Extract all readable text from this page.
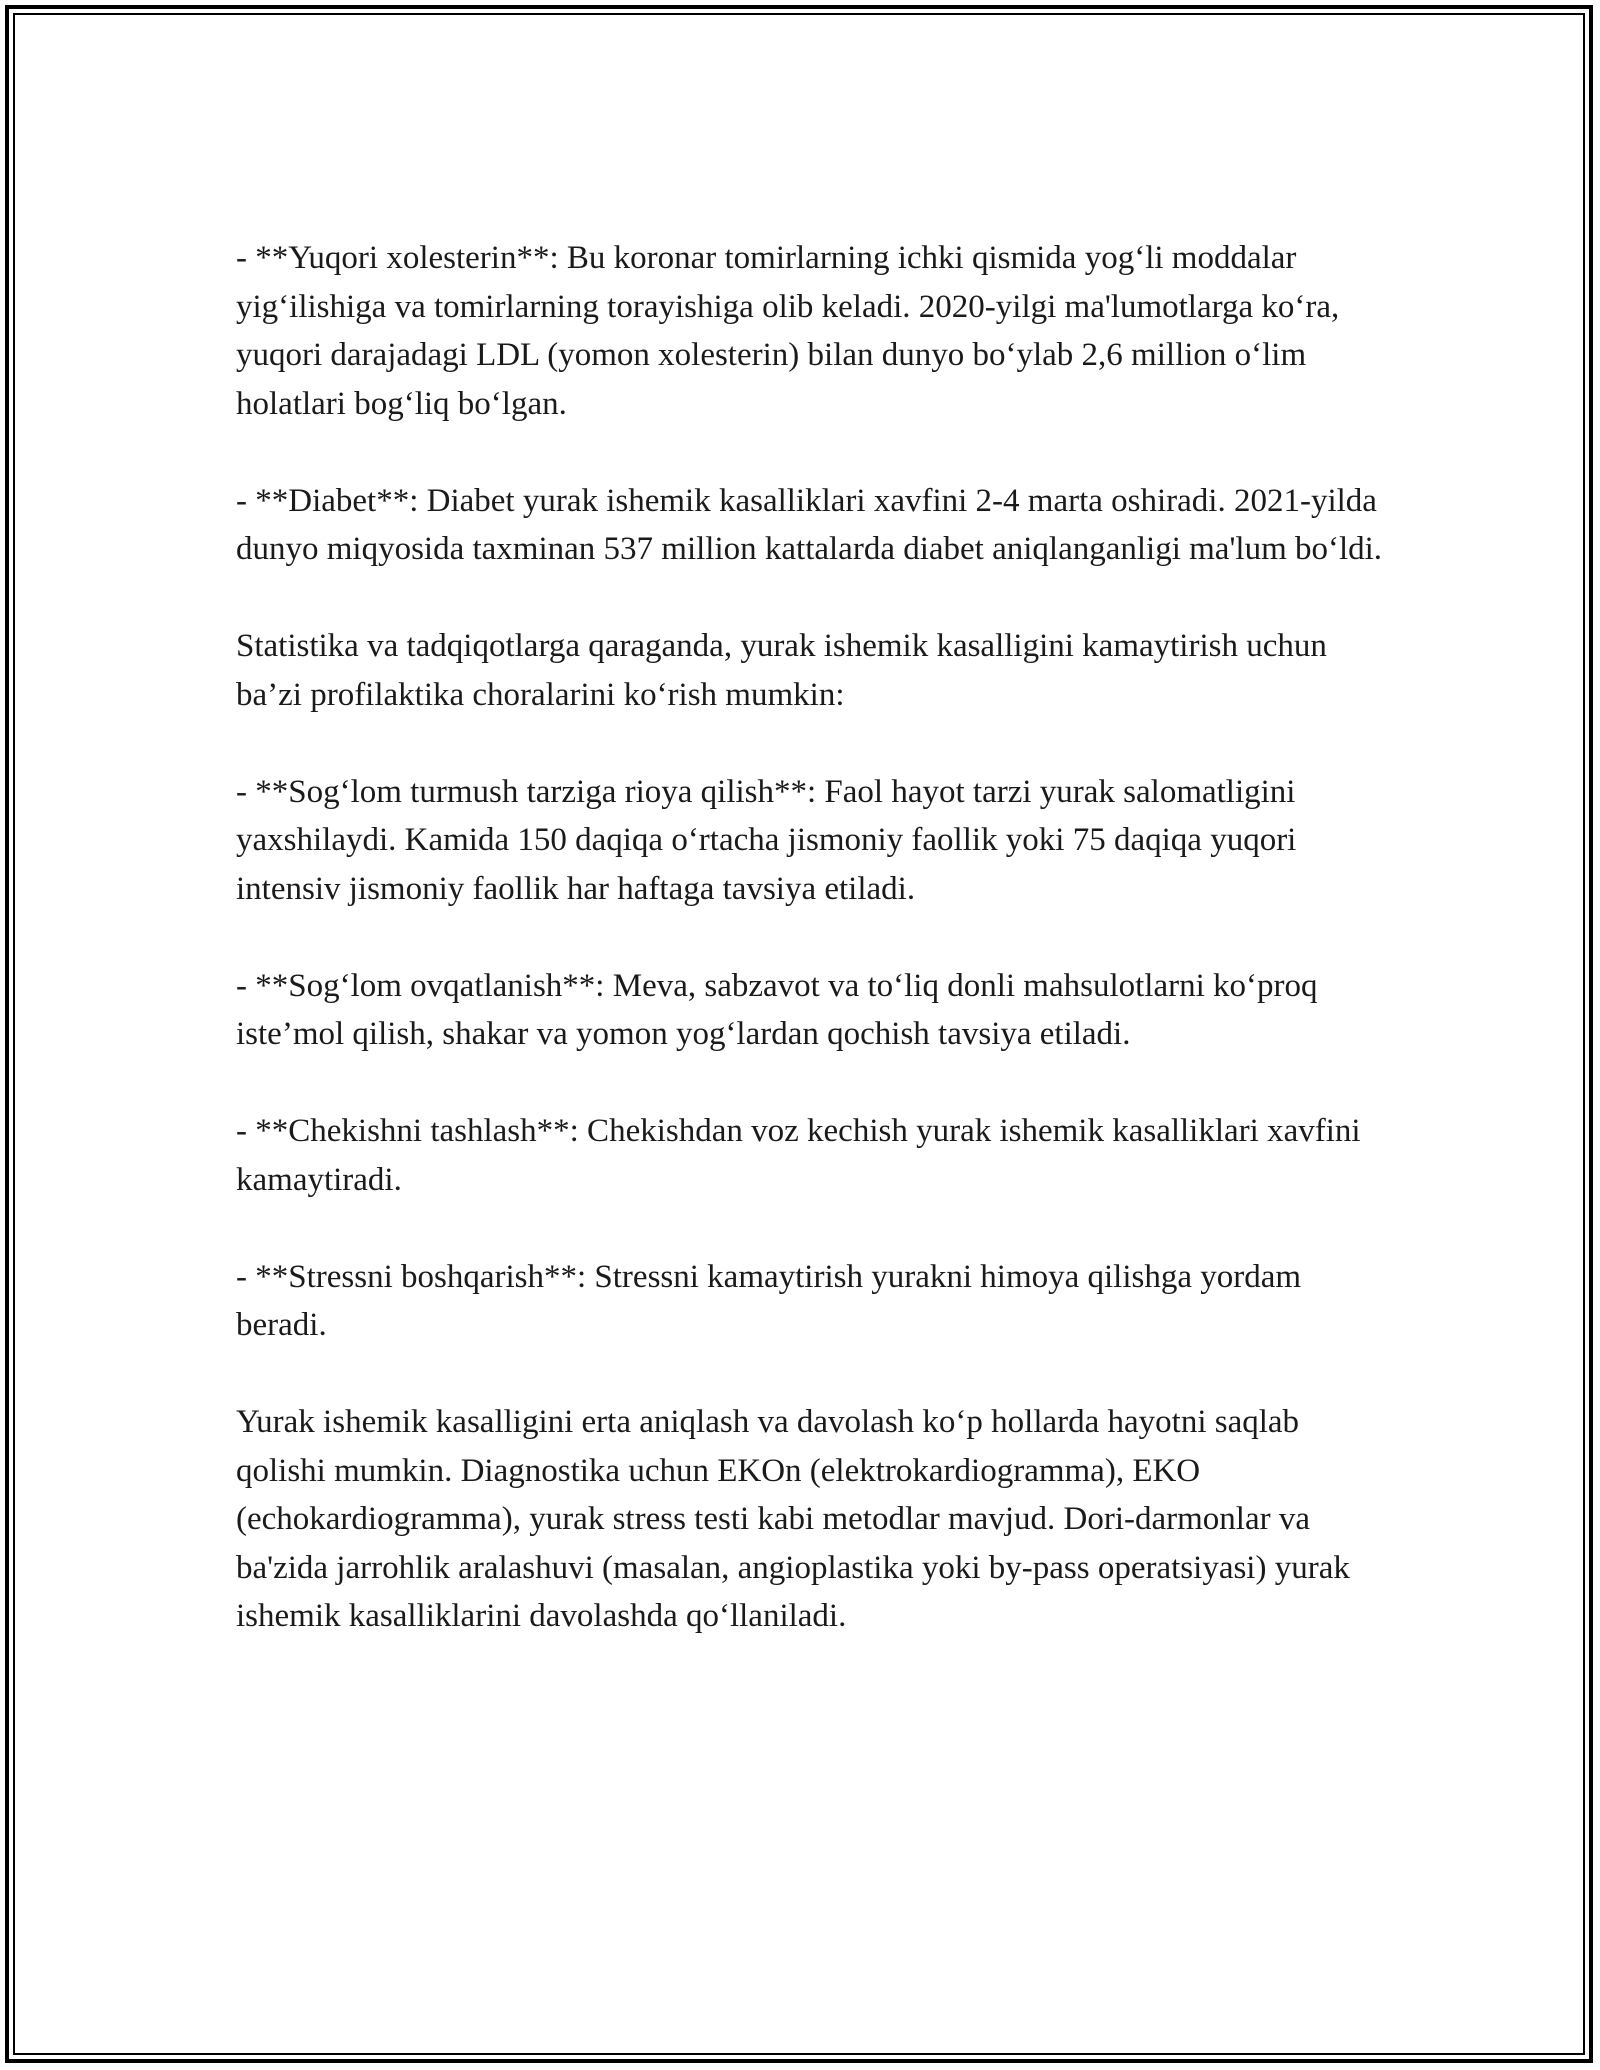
- **Yuqori xolesterin**: Bu koronar tomirlarning ichki qismida yog‘li moddalar yig‘ilishiga va tomirlarning torayishiga olib keladi. 2020-yilgi ma'lumotlarga ko‘ra, yuqori darajadagi LDL (yomon xolesterin) bilan dunyo bo‘ylab 2,6 million o‘lim holatlari bog‘liq bo‘lgan.

- **Diabet**: Diabet yurak ishemik kasalliklari xavfini 2-4 marta oshiradi. 2021-yilda dunyo miqyosida taxminan 537 million kattalarda diabet aniqlanganligi ma'lum bo‘ldi.

Statistika va tadqiqotlarga qaraganda, yurak ishemik kasalligini kamaytirish uchun ba’zi profilaktika choralarini ko‘rish mumkin:

- **Sog‘lom turmush tarziga rioya qilish**: Faol hayot tarzi yurak salomatligini yaxshilaydi. Kamida 150 daqiqa o‘rtacha jismoniy faollik yoki 75 daqiqa yuqori intensiv jismoniy faollik har haftaga tavsiya etiladi.

- **Sog‘lom ovqatlanish**: Meva, sabzavot va to‘liq donli mahsulotlarni ko‘proq iste’mol qilish, shakar va yomon yog‘lardan qochish tavsiya etiladi.

- **Chekishni tashlash**: Chekishdan voz kechish yurak ishemik kasalliklari xavfini kamaytiradi.

- **Stressni boshqarish**: Stressni kamaytirish yurakni himoya qilishga yordam beradi.

Yurak ishemik kasalligini erta aniqlash va davolash ko‘p hollarda hayotni saqlab qolishi mumkin. Diagnostika uchun EKOn (elektrokardiogramma), EKO (echokardiogramma), yurak stress testi kabi metodlar mavjud. Dori-darmonlar va ba'zida jarrohlik aralashuvi (masalan, angioplastika yoki by-pass operatsiyasi) yurak ishemik kasalliklarini davolashda qo‘llaniladi.
